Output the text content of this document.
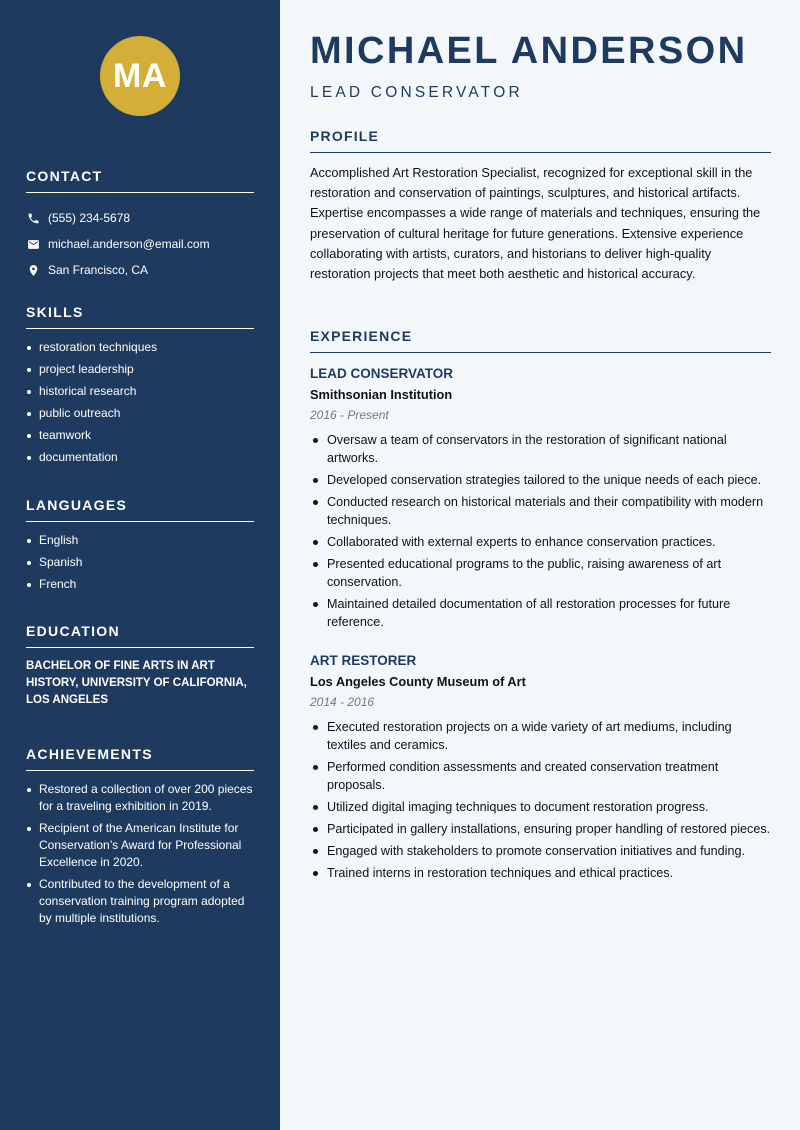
MA
CONTACT
(555) 234-5678
michael.anderson@email.com
San Francisco, CA
SKILLS
restoration techniques
project leadership
historical research
public outreach
teamwork
documentation
LANGUAGES
English
Spanish
French
EDUCATION
BACHELOR OF FINE ARTS IN ART HISTORY, UNIVERSITY OF CALIFORNIA, LOS ANGELES
ACHIEVEMENTS
Restored a collection of over 200 pieces for a traveling exhibition in 2019.
Recipient of the American Institute for Conservation’s Award for Professional Excellence in 2020.
Contributed to the development of a conservation training program adopted by multiple institutions.
MICHAEL ANDERSON
LEAD CONSERVATOR
PROFILE

Accomplished Art Restoration Specialist, recognized for exceptional skill in the restoration and conservation of paintings, sculptures, and historical artifacts. Expertise encompasses a wide range of materials and techniques, ensuring the preservation of cultural heritage for future generations. Extensive experience collaborating with artists, curators, and historians to deliver high-quality restoration projects that meet both aesthetic and historical accuracy.

EXPERIENCE
LEAD CONSERVATOR
Smithsonian Institution
2016 - Present
Oversaw a team of conservators in the restoration of significant national artworks.
Developed conservation strategies tailored to the unique needs of each piece.
Conducted research on historical materials and their compatibility with modern techniques.
Collaborated with external experts to enhance conservation practices.
Presented educational programs to the public, raising awareness of art conservation.
Maintained detailed documentation of all restoration processes for future reference.
ART RESTORER
Los Angeles County Museum of Art
2014 - 2016
Executed restoration projects on a wide variety of art mediums, including textiles and ceramics.
Performed condition assessments and created conservation treatment proposals.
Utilized digital imaging techniques to document restoration progress.
Participated in gallery installations, ensuring proper handling of restored pieces.
Engaged with stakeholders to promote conservation initiatives and funding.
Trained interns in restoration techniques and ethical practices.
